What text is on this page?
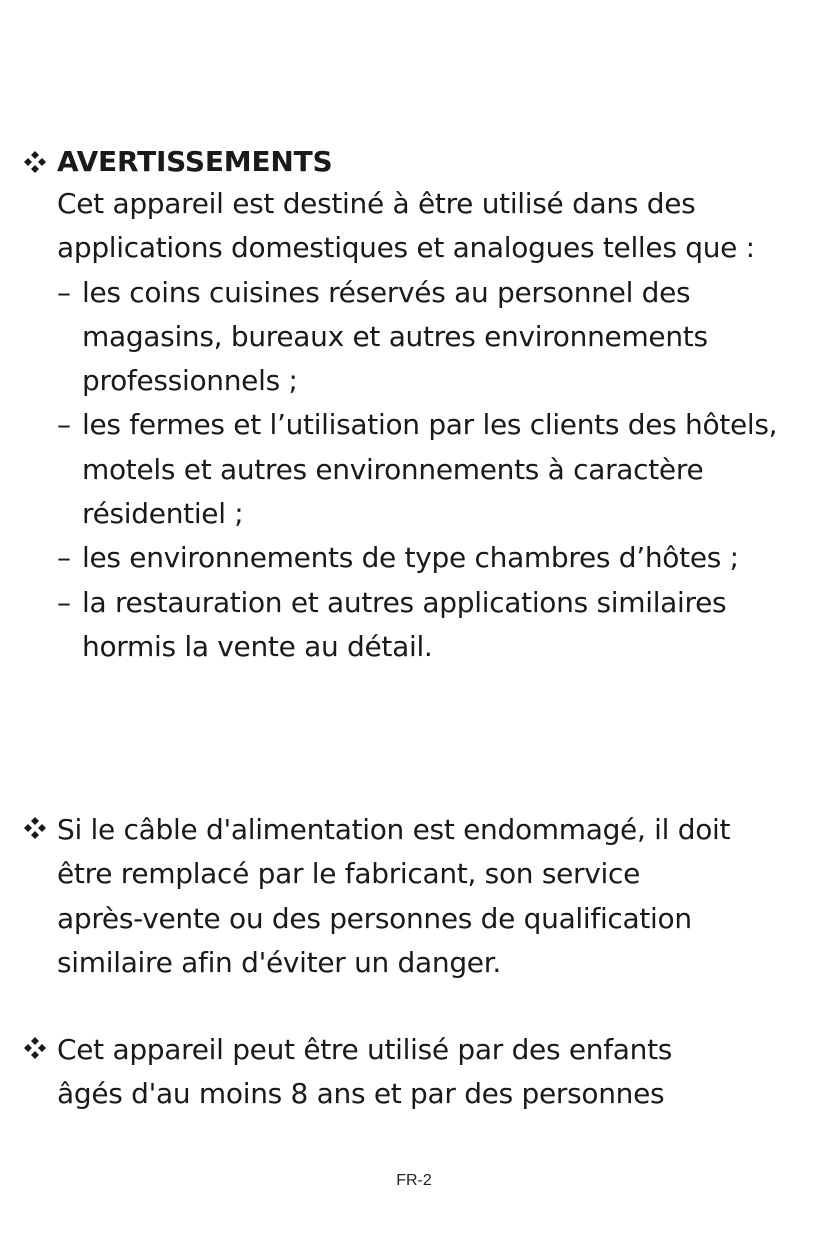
AVERTISSEMENTS

Cet appareil est destiné à être utilisé dans des applications domestiques et analogues telles que :

– les coins cuisines réservés au personnel des magasins, bureaux et autres environnements professionnels ;
– les fermes et l’utilisation par les clients des hôtels, motels et autres environnements à caractère résidentiel ;
– les environnements de type chambres d’hôtes ;
– la restauration et autres applications similaires hormis la vente au détail.

Si le câble d'alimentation est endommagé, il doit
être remplacé par le fabricant, son service
après-vente ou des personnes de qualification
similaire afin d'éviter un danger.

Cet appareil peut être utilisé par des enfants
âgés d'au moins 8 ans et par des personnes

FR-2
